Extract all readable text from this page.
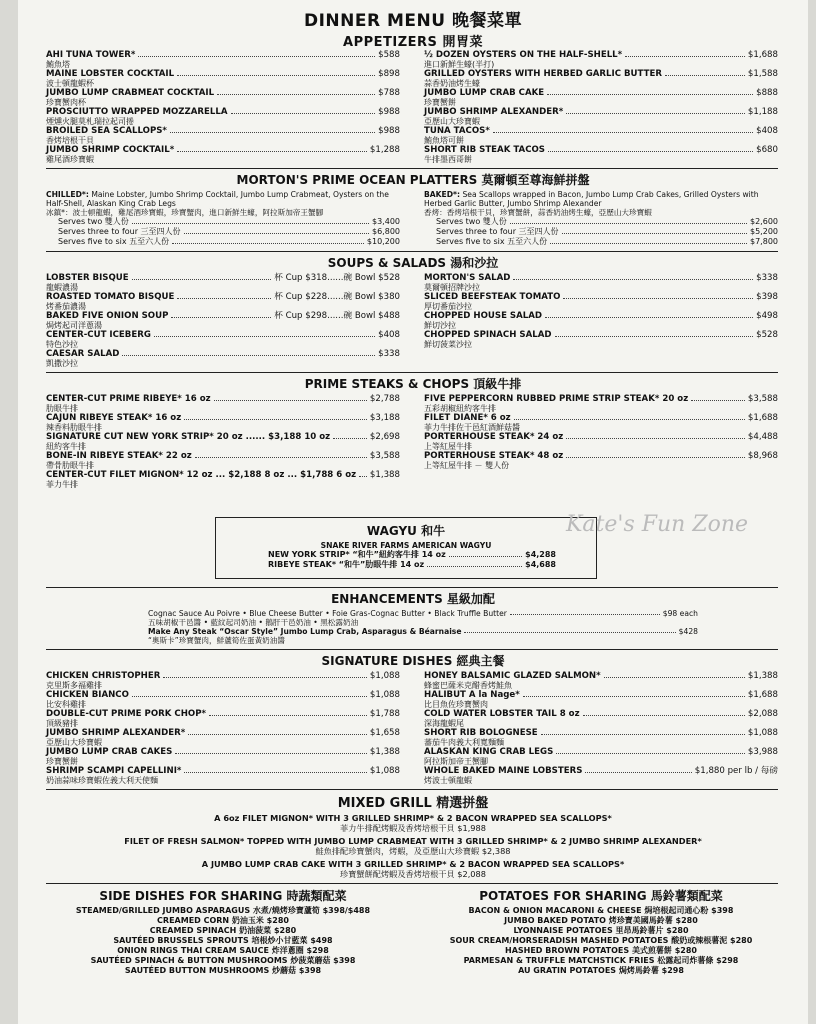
DINNER MENU 晚餐菜單
APPETIZERS 開胃菜
AHI TUNA TOWER*	$588
鮪魚塔
MAINE LOBSTER COCKTAIL	$898
波士頓龍蝦杯
JUMBO LUMP CRABMEAT COCKTAIL	$788
珍寶蟹肉杯
PROSCIUTTO WRAPPED MOZZARELLA	$988
煙燻火腿莫札瑞拉起司捲
BROILED SEA SCALLOPS*	$988
香烤培根干貝
JUMBO SHRIMP COCKTAIL*	$1,288
雞尾酒珍寶蝦
½ DOZEN OYSTERS ON THE HALF-SHELL*	$1,688
進口新鮮生蠔(半打)
GRILLED OYSTERS WITH HERBED GARLIC BUTTER	$1,588
蒜香奶油烤生蠔
JUMBO LUMP CRAB CAKE	$888
珍寶蟹餅
JUMBO SHRIMP ALEXANDER*	$1,188
亞歷山大珍寶蝦
TUNA TACOS*	$408
鮪魚塔可餅
SHORT RIB STEAK TACOS	$680
牛排墨西哥餅
MORTON'S PRIME OCEAN PLATTERS 莫爾頓至尊海鮮拼盤
CHILLED*: Maine Lobster, Jumbo Shrimp Cocktail, Jumbo Lump Crabmeat, Oysters on the Half-Shell, Alaskan King Crab Legs
冰鎮*：波士頓龍蝦，雞尾酒珍寶蝦，珍寶蟹肉，進口新鮮生蠔，阿拉斯加帝王蟹腳
Serves two 雙人份	$3,400
Serves three to four 三至四人份	$6,800
Serves five to six 五至六人份	$10,200
BAKED*: Sea Scallops wrapped in Bacon, Jumbo Lump Crab Cakes, Grilled Oysters with Herbed Garlic Butter, Jumbo Shrimp Alexander
香烤：香烤培根干貝，珍寶蟹餅，蒜香奶油烤生蠔，亞歷山大珍寶蝦
Serves two 雙人份	$2,600
Serves three to four 三至四人份	$5,200
Serves five to six 五至六人份	$7,800
SOUPS & SALADS 湯和沙拉
LOBSTER BISQUE	杯 Cup $318......碗 Bowl $528
龍蝦濃湯
ROASTED TOMATO BISQUE	杯 Cup $228......碗 Bowl $380
烤番茄濃湯
BAKED FIVE ONION SOUP	杯 Cup $298......碗 Bowl $488
焗烤起司洋蔥湯
CENTER-CUT ICEBERG	$408
特色沙拉
CAESAR SALAD	$338
凱撒沙拉
MORTON'S SALAD	$338
莫爾頓招牌沙拉
SLICED BEEFSTEAK TOMATO	$398
厚切番茄沙拉
CHOPPED HOUSE SALAD	$498
鮮切沙拉
CHOPPED SPINACH SALAD	$528
鮮切菠菜沙拉
PRIME STEAKS & CHOPS 頂級牛排
CENTER-CUT PRIME RIBEYE* 16 oz	$2,788
肋眼牛排
CAJUN RIBEYE STEAK* 16 oz	$3,188
辣香料肋眼牛排
SIGNATURE CUT NEW YORK STRIP* 20 oz ...... $3,188 10 oz	$2,698
紐約客牛排
BONE-IN RIBEYE STEAK* 22 oz	$3,588
帶骨肋眼牛排
CENTER-CUT FILET MIGNON* 12 oz ... $2,188 8 oz ... $1,788 6 oz $1,388
菲力牛排
FIVE PEPPERCORN RUBBED PRIME STRIP STEAK* 20 oz	$3,588
五彩胡椒紐約客牛排
FILET DIANE* 6 oz	$1,688
菲力牛排佐干邑紅酒鮮菇醬
PORTERHOUSE STEAK* 24 oz	$4,488
上等紅屋牛排
PORTERHOUSE STEAK* 48 oz	$8,968
上等紅屋牛排 － 雙人份
WAGYU 和牛
SNAKE RIVER FARMS AMERICAN WAGYU
NEW YORK STRIP* “和牛”紐約客牛排 14 oz	$4,288
RIBEYE STEAK* “和牛”肋眼牛排 14 oz	$4,688
Kate's Fun Zone
ENHANCEMENTS 星級加配
Cognac Sauce Au Poivre • Blue Cheese Butter • Foie Gras-Cognac Butter • Black Truffle Butter	$98 each
五味胡椒干邑醬 • 藍紋起司奶油 • 鵝肝干邑奶油 • 黑松露奶油
Make Any Steak “Oscar Style” Jumbo Lump Crab, Asparagus & Béarnaise	$428
“奧斯卡”珍寶蟹肉，鮮蘆筍佐蛋黃奶油醬
SIGNATURE DISHES 經典主餐
CHICKEN CHRISTOPHER	$1,088
克里斯多福雞排
CHICKEN BIANCO	$1,088
比安科雞排
DOUBLE-CUT PRIME PORK CHOP*	$1,788
頂級豬排
JUMBO SHRIMP ALEXANDER*	$1,658
亞歷山大珍寶蝦
JUMBO LUMP CRAB CAKES	$1,388
珍寶蟹餅
SHRIMP SCAMPI CAPELLINI*	$1,088
奶油蒜味珍寶蝦佐義大利天使麵
HONEY BALSAMIC GLAZED SALMON*	$1,388
蜂蜜巴薩米克醋香烤鮭魚
HALIBUT A la Nage*	$1,688
比目魚佐珍寶蟹肉
COLD WATER LOBSTER TAIL 8 oz	$2,088
深海龍蝦尾
SHORT RIB BOLOGNESE	$1,088
蕃茄牛肉義大利寬麵麵
ALASKAN KING CRAB LEGS	$3,988
阿拉斯加帝王蟹腳
WHOLE BAKED MAINE LOBSTERS	$1,880 per lb / 每磅
烤波士頓龍蝦
MIXED GRILL 精選拼盤
A 6oz FILET MIGNON* WITH 3 GRILLED SHRIMP* & 2 BACON WRAPPED SEA SCALLOPS*
菲力牛排配烤蝦及香烤培根干貝 $1,988
FILET OF FRESH SALMON* TOPPED WITH JUMBO LUMP CRABMEAT WITH 3 GRILLED SHRIMP* & 2 JUMBO SHRIMP ALEXANDER*
鮭魚排配珍寶蟹肉，烤蝦，及亞歷山大珍寶蝦 $2,388
A JUMBO LUMP CRAB CAKE WITH 3 GRILLED SHRIMP* & 2 BACON WRAPPED SEA SCALLOPS*
珍寶蟹餅配烤蝦及香烤培根干貝 $2,088
SIDE DISHES FOR SHARING 時蔬類配菜
STEAMED/GRILLED JUMBO ASPARAGUS 水煮/燒烤珍寶蘆筍 $398/$488
CREAMED CORN 奶油玉米 $280
CREAMED SPINACH 奶油菠菜 $280
SAUTÉED BRUSSELS SPROUTS 培根炒小甘藍菜 $498
ONION RINGS THAI CREAM SAUCE 炸洋蔥圈 $298
SAUTÉED SPINACH & BUTTON MUSHROOMS 炒菠菜蘑菇 $398
SAUTÉED BUTTON MUSHROOMS 炒蘑菇 $398
POTATOES FOR SHARING 馬鈴薯類配菜
BACON & ONION MACARONI & CHEESE 焗培根起司通心粉 $398
JUMBO BAKED POTATO 烤珍寶美國馬鈴薯 $280
LYONNAISE POTATOES 里昂馬鈴薯片 $280
SOUR CREAM/HORSERADISH MASHED POTATOES 酸奶或辣根薯泥 $280
HASHED BROWN POTATOES 美式煎薯餅 $280
PARMESAN & TRUFFLE MATCHSTICK FRIES 松露起司炸薯條 $298
AU GRATIN POTATOES 焗烤馬鈴薯 $298
